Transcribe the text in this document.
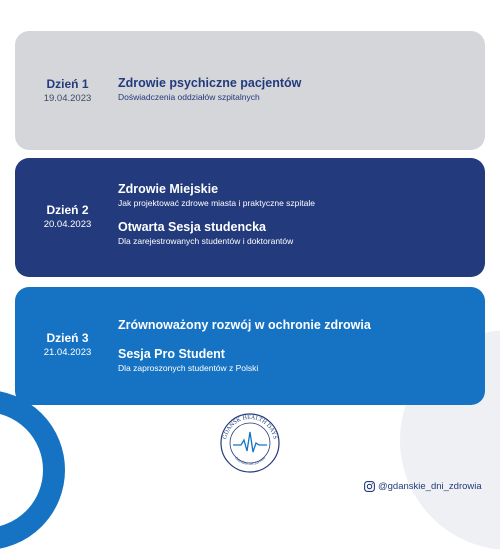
Dzień 1
19.04.2023
Zdrowie psychiczne pacjentów
Doświadczenia oddziałów szpitalnych
Dzień 2
20.04.2023
Zdrowie Miejskie
Jak projektować zdrowe miasta i praktyczne szpitale
Otwarta Sesja studencka
Dla zarejestrowanych studentów i doktorantów
Dzień 3
21.04.2023
Zrównoważony rozwój w ochronie zdrowia
Sesja Pro Student
Dla zaproszonych studentów z Polski
GDANSK HEALTH DAYS
Gdańskie Dni Zdrowia
@gdanskie_dni_zdrowia
